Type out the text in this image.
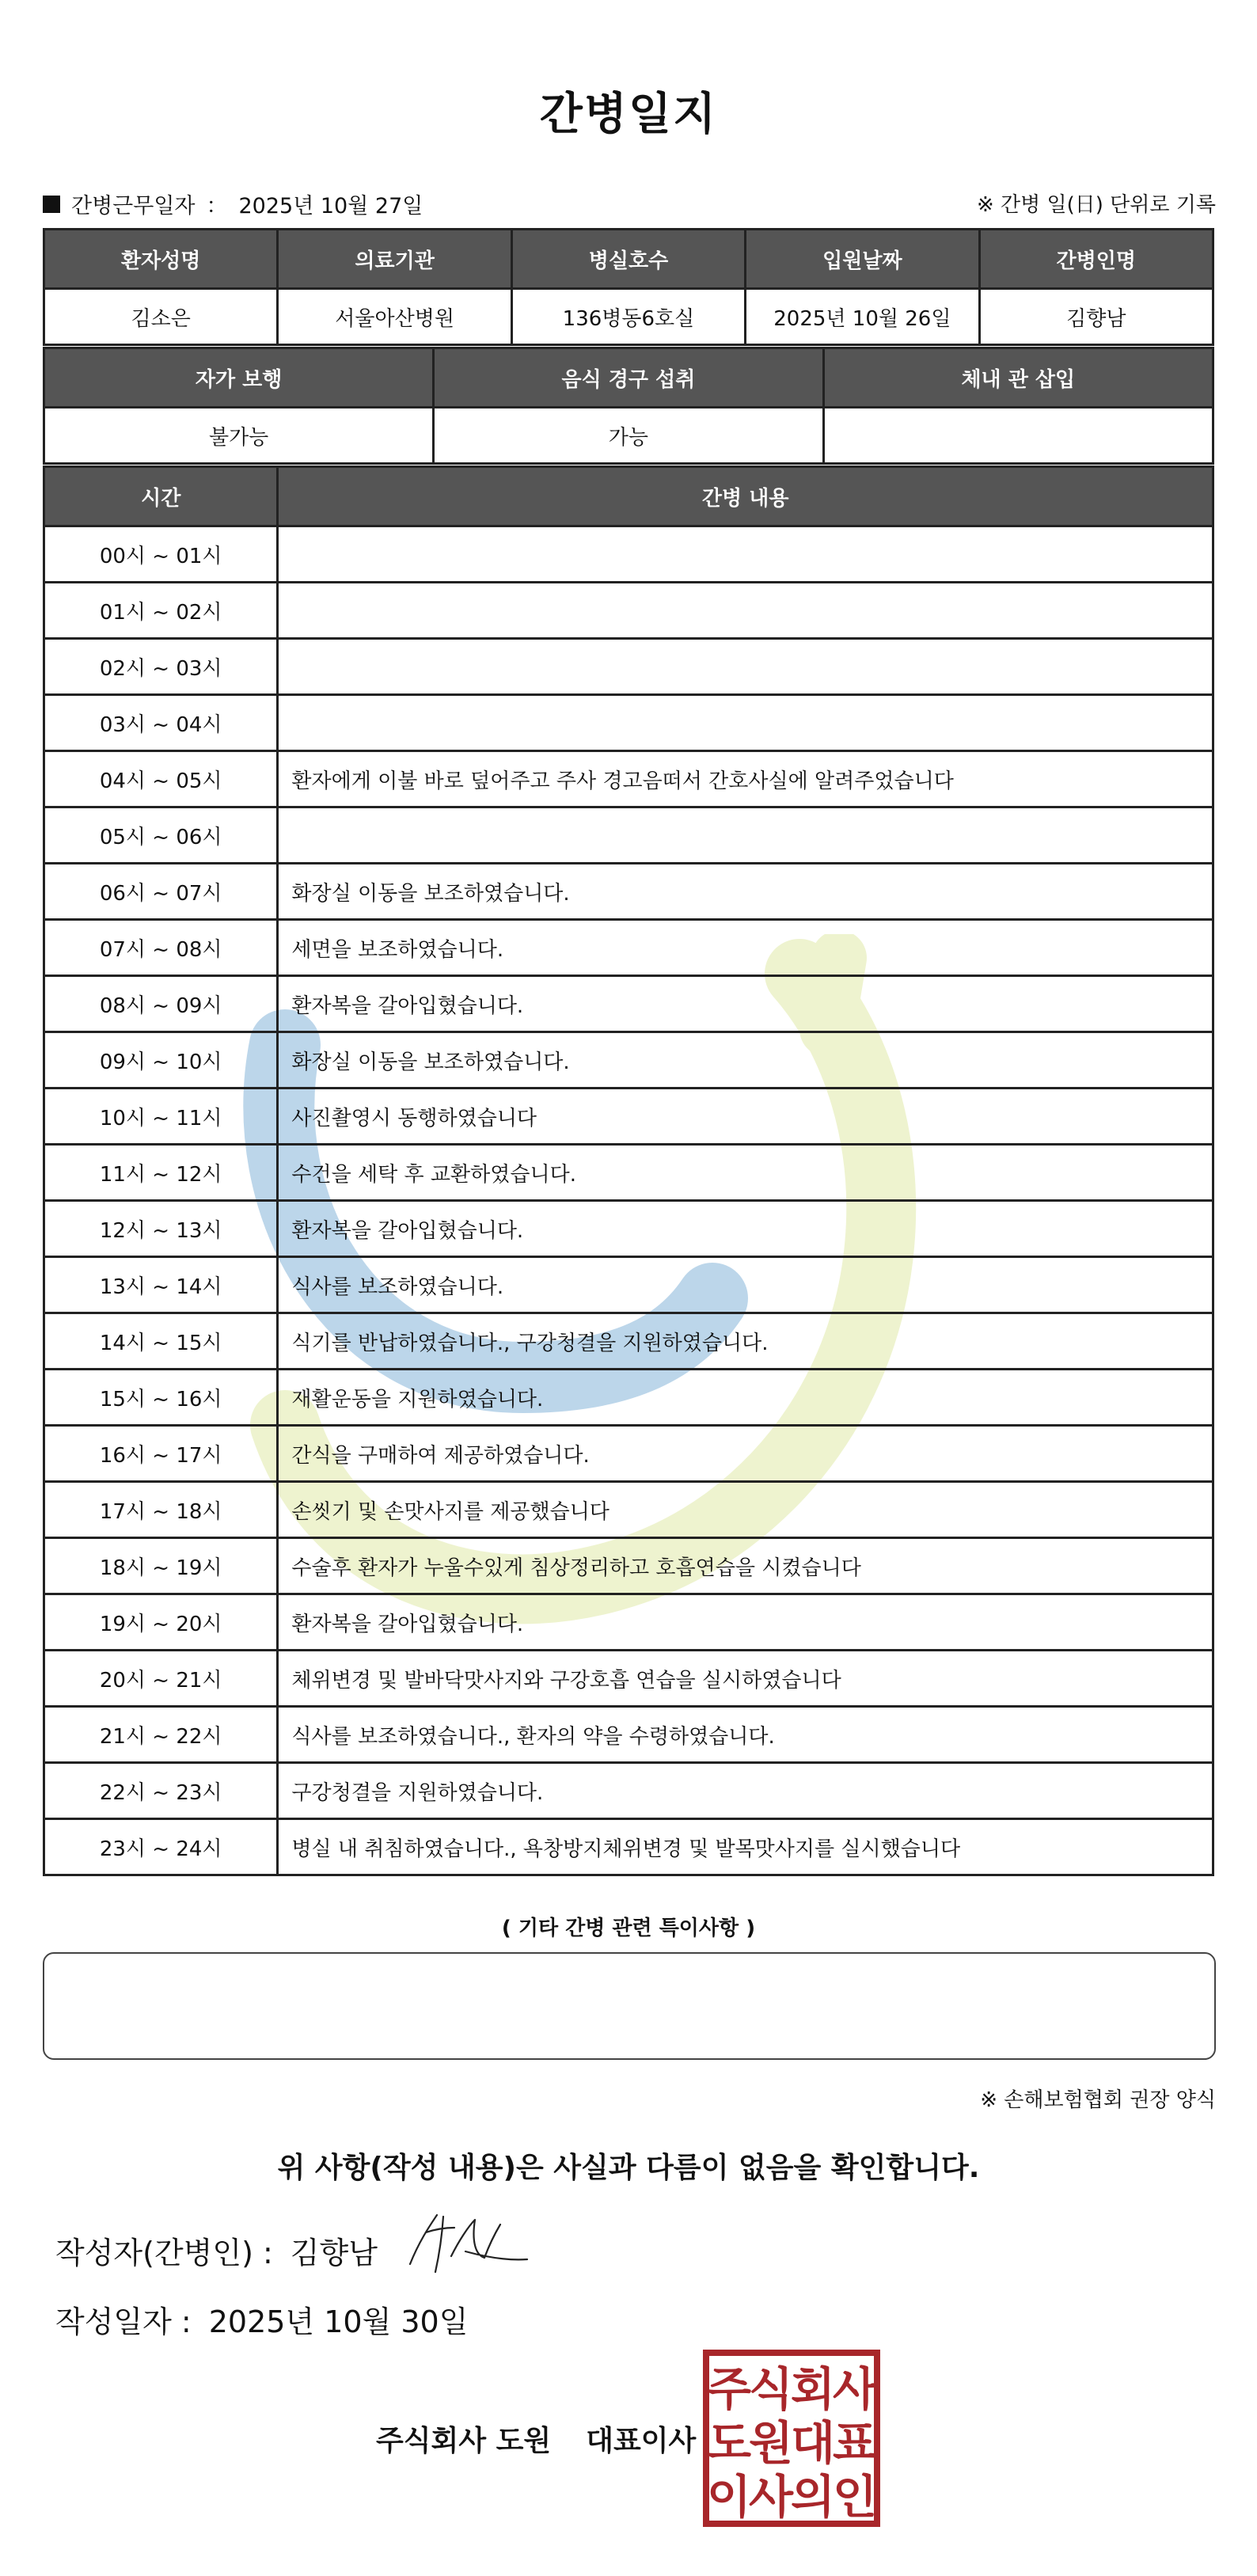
간병일지
간병근무일자 ： 2025년 10월 27일	※ 간병 일(日) 단위로 기록
환자성명	의료기관	병실호수	입원날짜	간병인명
김소은	서울아산병원	136병동6호실	2025년 10월 26일	김향남
자가 보행	음식 경구 섭취	체내 관 삽입
불가능	가능	
시간	간병 내용
00시 ~ 01시	
01시 ~ 02시	
02시 ~ 03시	
03시 ~ 04시	
04시 ~ 05시	환자에게 이불 바로 덮어주고 주사 경고음떠서 간호사실에 알려주었습니다
05시 ~ 06시	
06시 ~ 07시	화장실 이동을 보조하였습니다.
07시 ~ 08시	세면을 보조하였습니다.
08시 ~ 09시	환자복을 갈아입혔습니다.
09시 ~ 10시	화장실 이동을 보조하였습니다.
10시 ~ 11시	사진촬영시 동행하였습니다
11시 ~ 12시	수건을 세탁 후 교환하였습니다.
12시 ~ 13시	환자복을 갈아입혔습니다.
13시 ~ 14시	식사를 보조하였습니다.
14시 ~ 15시	식기를 반납하였습니다., 구강청결을 지원하였습니다.
15시 ~ 16시	재활운동을 지원하였습니다.
16시 ~ 17시	간식을 구매하여 제공하였습니다.
17시 ~ 18시	손씻기 및 손맛사지를 제공했습니다
18시 ~ 19시	수술후 환자가 누울수있게 침상정리하고 호흡연습을 시켰습니다
19시 ~ 20시	환자복을 갈아입혔습니다.
20시 ~ 21시	체위변경 및 발바닥맛사지와 구강호흡 연습을 실시하였습니다
21시 ~ 22시	식사를 보조하였습니다., 환자의 약을 수령하였습니다.
22시 ~ 23시	구강청결을 지원하였습니다.
23시 ~ 24시	병실 내 취침하였습니다., 욕창방지체위변경 및 발목맛사지를 실시했습니다
( 기타 간병 관련 특이사항 )
※ 손해보험협회 권장 양식
위 사항(작성 내용)은 사실과 다름이 없음을 확인합니다.
작성자(간병인) : 김향남
작성일자 : 2025년 10월 30일
주식회사 도원 대표이사
주
식
회
사
도
원
대
표
이
사
의
인
